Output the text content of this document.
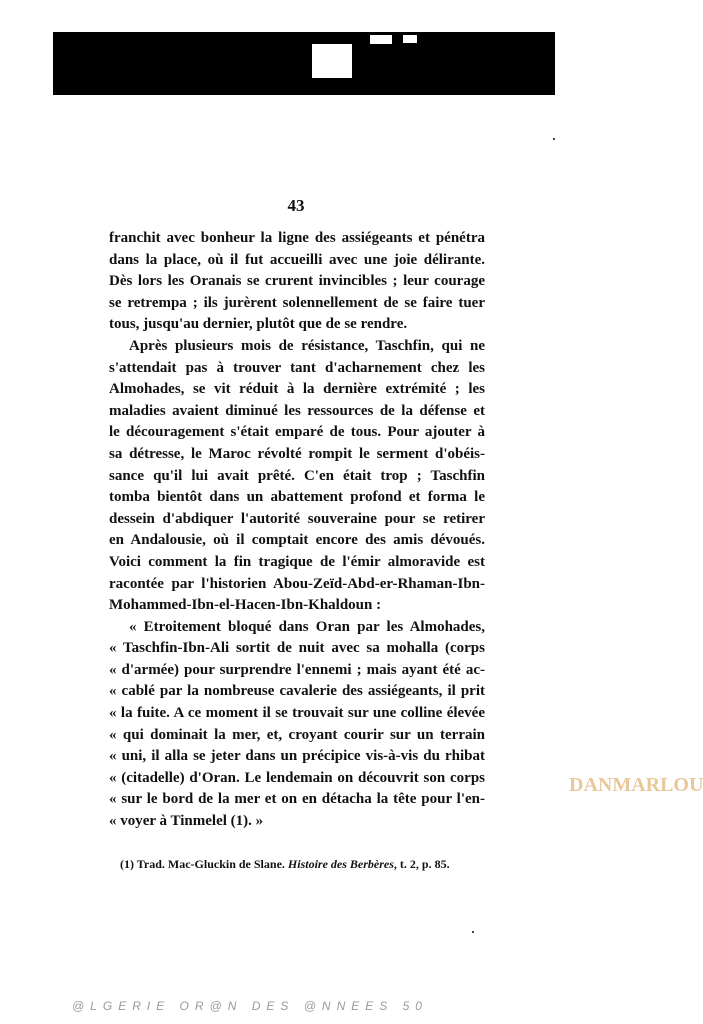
43
franchit avec bonheur la ligne des assiégeants et pénétra
dans la place, où il fut accueilli avec une joie délirante.
Dès lors les Oranais se crurent invincibles ; leur courage
se retrempa ; ils jurèrent solennellement de se faire tuer
tous, jusqu'au dernier, plutôt que de se rendre.
Après plusieurs mois de résistance, Taschfin, qui ne
s'attendait pas à trouver tant d'acharnement chez les
Almohades, se vit réduit à la dernière extrémité ; les
maladies avaient diminué les ressources de la défense et
le découragement s'était emparé de tous. Pour ajouter à
sa détresse, le Maroc révolté rompit le serment d'obéis-
sance qu'il lui avait prêté. C'en était trop ; Taschfin
tomba bientôt dans un abattement profond et forma le
dessein d'abdiquer l'autorité souveraine pour se retirer
en Andalousie, où il comptait encore des amis dévoués.
Voici comment la fin tragique de l'émir almoravide est
racontée par l'historien Abou-Zeïd-Abd-er-Rhaman-Ibn-
Mohammed-Ibn-el-Hacen-Ibn-Khaldoun :
« Etroitement bloqué dans Oran par les Almohades,
« Taschfin-Ibn-Ali sortit de nuit avec sa mohalla (corps
« d'armée) pour surprendre l'ennemi ; mais ayant été ac-
« cablé par la nombreuse cavalerie des assiégeants, il prit
« la fuite. A ce moment il se trouvait sur une colline élevée
« qui dominait la mer, et, croyant courir sur un terrain
« uni, il alla se jeter dans un précipice vis-à-vis du rhibat
« (citadelle) d'Oran. Le lendemain on découvrit son corps
« sur le bord de la mer et on en détacha la tête pour l'en-
« voyer à Tinmelel (1). »
(1) Trad. Mac-Gluckin de Slane. Histoire des Berbères, t. 2, p. 85.
DANMARLOU
@LGERIE OR@N DES @NNEES 50
